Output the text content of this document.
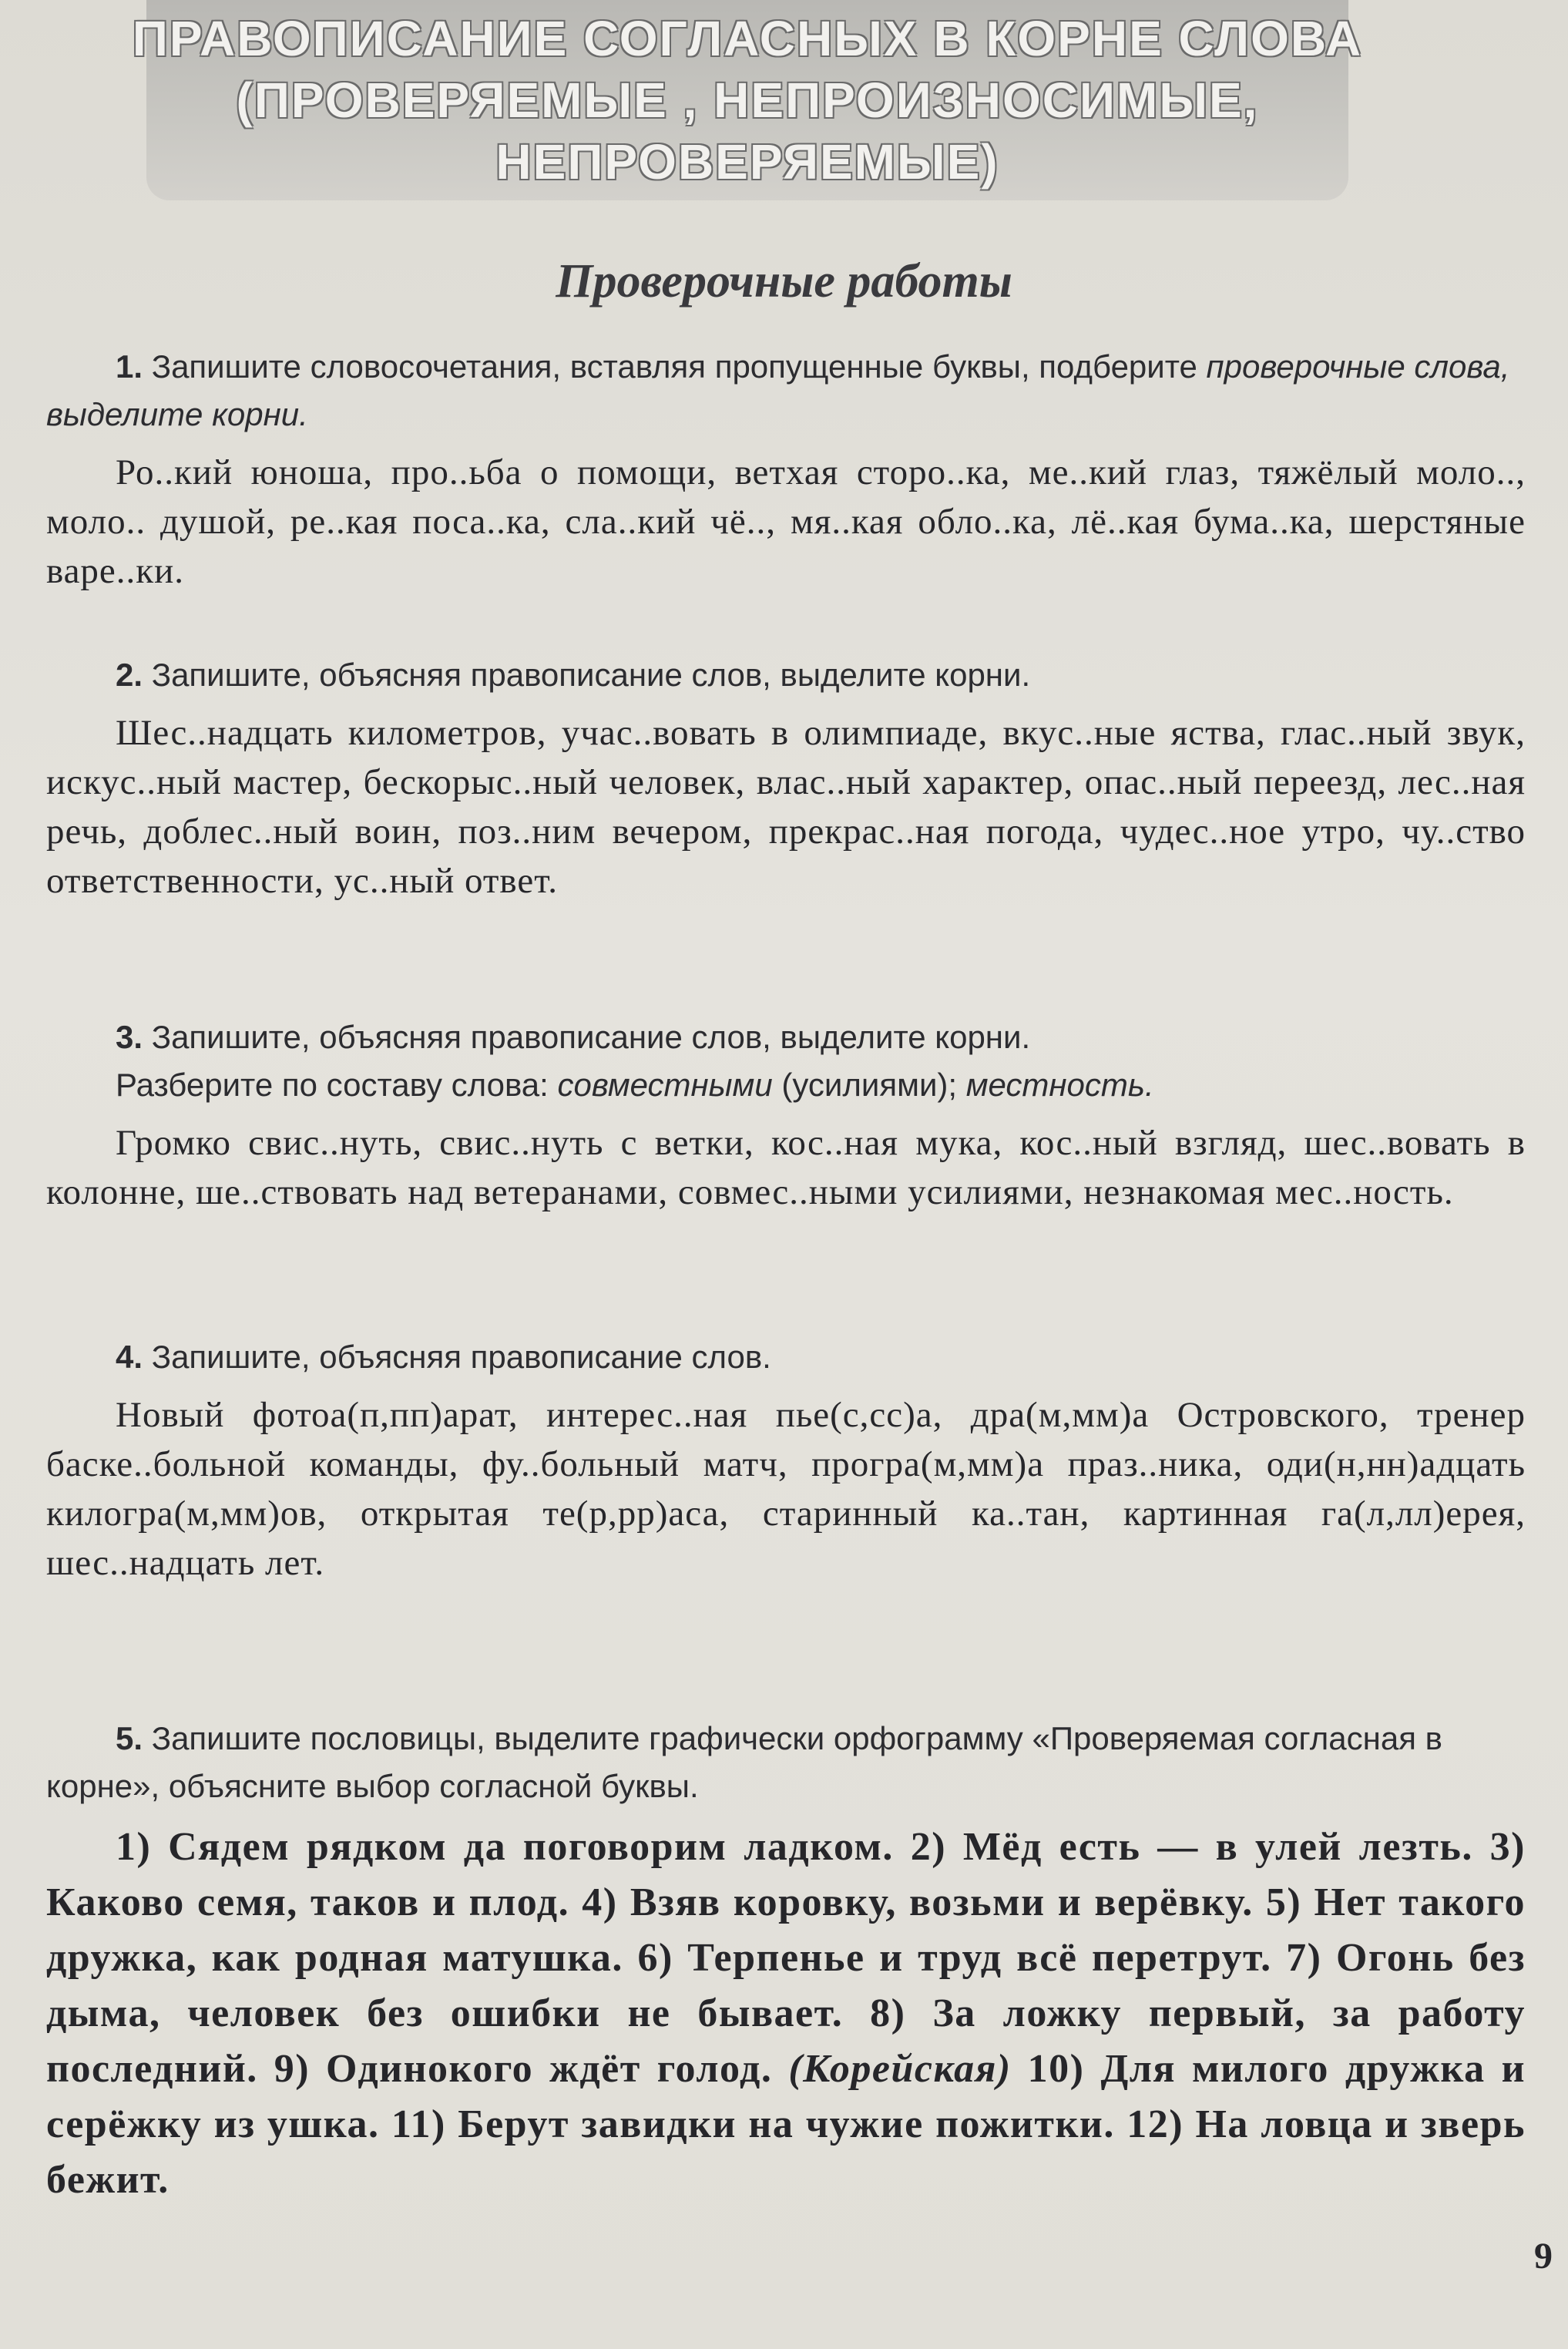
ПРАВОПИСАНИЕ СОГЛАСНЫХ В КОРНЕ СЛОВА
(ПРОВЕРЯЕМЫЕ , НЕПРОИЗНОСИМЫЕ,
НЕПРОВЕРЯЕМЫЕ)
Проверочные работы

1. Запишите словосочетания, вставляя пропущенные буквы, подберите проверочные слова, выделите корни.

Ро..кий юноша, про..ьба о помощи, ветхая сторо..ка, ме..кий глаз, тяжёлый моло.., моло.. душой, ре..кая поса..ка, сла..кий чё.., мя..кая обло..ка, лё..кая бума..ка, шерстяные варе..ки.

2. Запишите, объясняя правописание слов, выделите корни.

Шес..надцать километров, учас..вовать в олимпиаде, вкус..ные яства, глас..ный звук, искус..ный мастер, бескорыс..ный человек, влас..ный характер, опас..ный переезд, лес..ная речь, доблес..ный воин, поз..ним вечером, прекрас..ная погода, чудес..ное утро, чу..ство ответственности, ус..ный ответ.

3. Запишите, объясняя правописание слов, выделите корни.

Разберите по составу слова: совместными (усилиями); местность.

Громко свис..нуть, свис..нуть с ветки, кос..ная мука, кос..ный взгляд, шес..вовать в колонне, ше..ствовать над ветеранами, совмес..ными усилиями, незнакомая мес..ность.

4. Запишите, объясняя правописание слов.

Новый фотоа(п,пп)арат, интерес..ная пье(с,сс)а, дра(м,мм)а Островского, тренер баске..больной команды, фу..больный матч, програ(м,мм)а праз..ника, оди(н,нн)адцать килогра(м,мм)ов, открытая те(р,рр)аса, старинный ка..тан, картинная га(л,лл)ерея, шес..надцать лет.

5. Запишите пословицы, выделите графически орфограмму «Проверяемая согласная в корне», объясните выбор согласной буквы.

1) Сядем рядком да поговорим ладком. 2) Мёд есть — в улей лезть. 3) Каково семя, таков и плод. 4) Взяв коровку, возьми и верёвку. 5) Нет такого дружка, как родная матушка. 6) Терпенье и труд всё перетрут. 7) Огонь без дыма, человек без ошибки не бывает. 8) За ложку первый, за работу последний. 9) Одинокого ждёт голод. (Корейская) 10) Для милого дружка и серёжку из ушка. 11) Берут завидки на чужие пожитки. 12) На ловца и зверь бежит.

9
